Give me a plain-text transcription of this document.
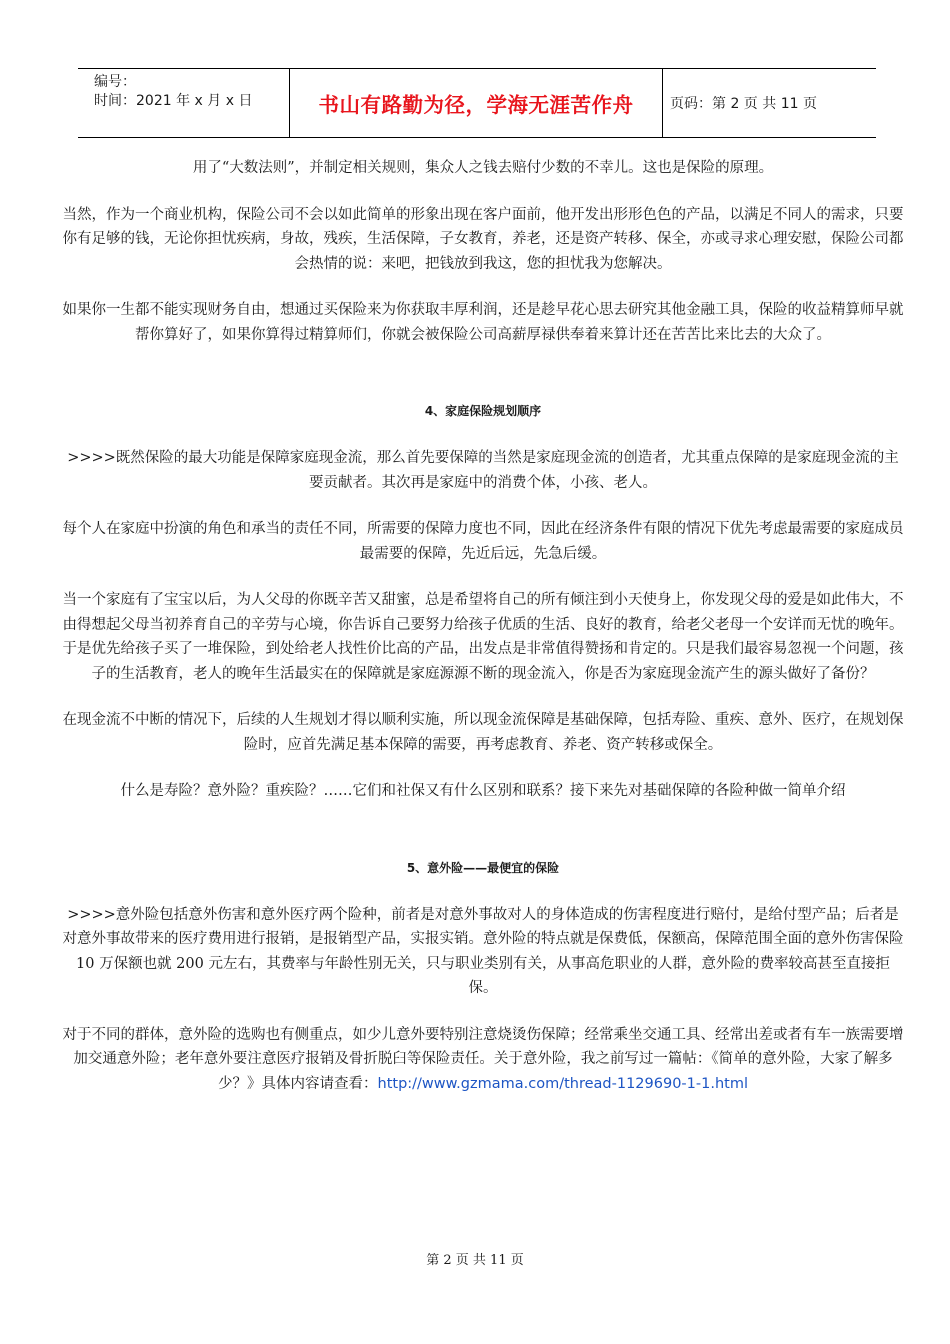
编号：
时间：2021 年 x 月 x 日	书山有路勤为径，学海无涯苦作舟	页码：第 2 页 共 11 页

用了“大数法则”，并制定相关规则，集众人之钱去赔付少数的不幸儿。这也是保险的原理。

当然，作为一个商业机构，保险公司不会以如此简单的形象出现在客户面前，他开发出形形色色的产品，以满足不同人的需求，只要你有足够的钱，无论你担忧疾病，身故，残疾，生活保障，子女教育，养老，还是资产转移、保全，亦或寻求心理安慰，保险公司都会热情的说：来吧，把钱放到我这，您的担忧我为您解决。

如果你一生都不能实现财务自由，想通过买保险来为你获取丰厚利润，还是趁早花心思去研究其他金融工具，保险的收益精算师早就帮你算好了，如果你算得过精算师们，你就会被保险公司高薪厚禄供奉着来算计还在苦苦比来比去的大众了。

4、家庭保险规划顺序

>>>>既然保险的最大功能是保障家庭现金流，那么首先要保障的当然是家庭现金流的创造者，尤其重点保障的是家庭现金流的主要贡献者。其次再是家庭中的消费个体，小孩、老人。

每个人在家庭中扮演的角色和承当的责任不同，所需要的保障力度也不同，因此在经济条件有限的情况下优先考虑最需要的家庭成员最需要的保障，先近后远，先急后缓。

当一个家庭有了宝宝以后，为人父母的你既辛苦又甜蜜，总是希望将自己的所有倾注到小天使身上，你发现父母的爱是如此伟大，不由得想起父母当初养育自己的辛劳与心境，你告诉自己要努力给孩子优质的生活、良好的教育，给老父老母一个安详而无忧的晚年。于是优先给孩子买了一堆保险，到处给老人找性价比高的产品，出发点是非常值得赞扬和肯定的。只是我们最容易忽视一个问题，孩子的生活教育，老人的晚年生活最实在的保障就是家庭源源不断的现金流入，你是否为家庭现金流产生的源头做好了备份？

在现金流不中断的情况下，后续的人生规划才得以顺利实施，所以现金流保障是基础保障，包括寿险、重疾、意外、医疗，在规划保险时，应首先满足基本保障的需要，再考虑教育、养老、资产转移或保全。

什么是寿险？意外险？重疾险？……它们和社保又有什么区别和联系？接下来先对基础保障的各险种做一简单介绍

5、意外险——最便宜的保险

>>>>意外险包括意外伤害和意外医疗两个险种，前者是对意外事故对人的身体造成的伤害程度进行赔付，是给付型产品；后者是对意外事故带来的医疗费用进行报销，是报销型产品，实报实销。意外险的特点就是保费低，保额高，保障范围全面的意外伤害保险 10 万保额也就 200 元左右，其费率与年龄性别无关，只与职业类别有关，从事高危职业的人群，意外险的费率较高甚至直接拒保。

对于不同的群体，意外险的选购也有侧重点，如少儿意外要特别注意烧烫伤保障；经常乘坐交通工具、经常出差或者有车一族需要增加交通意外险；老年意外要注意医疗报销及骨折脱臼等保险责任。关于意外险，我之前写过一篇帖：《简单的意外险，大家了解多少？》具体内容请查看：http://www.gzmama.com/thread-1129690-1-1.html

第 2 页 共 11 页
